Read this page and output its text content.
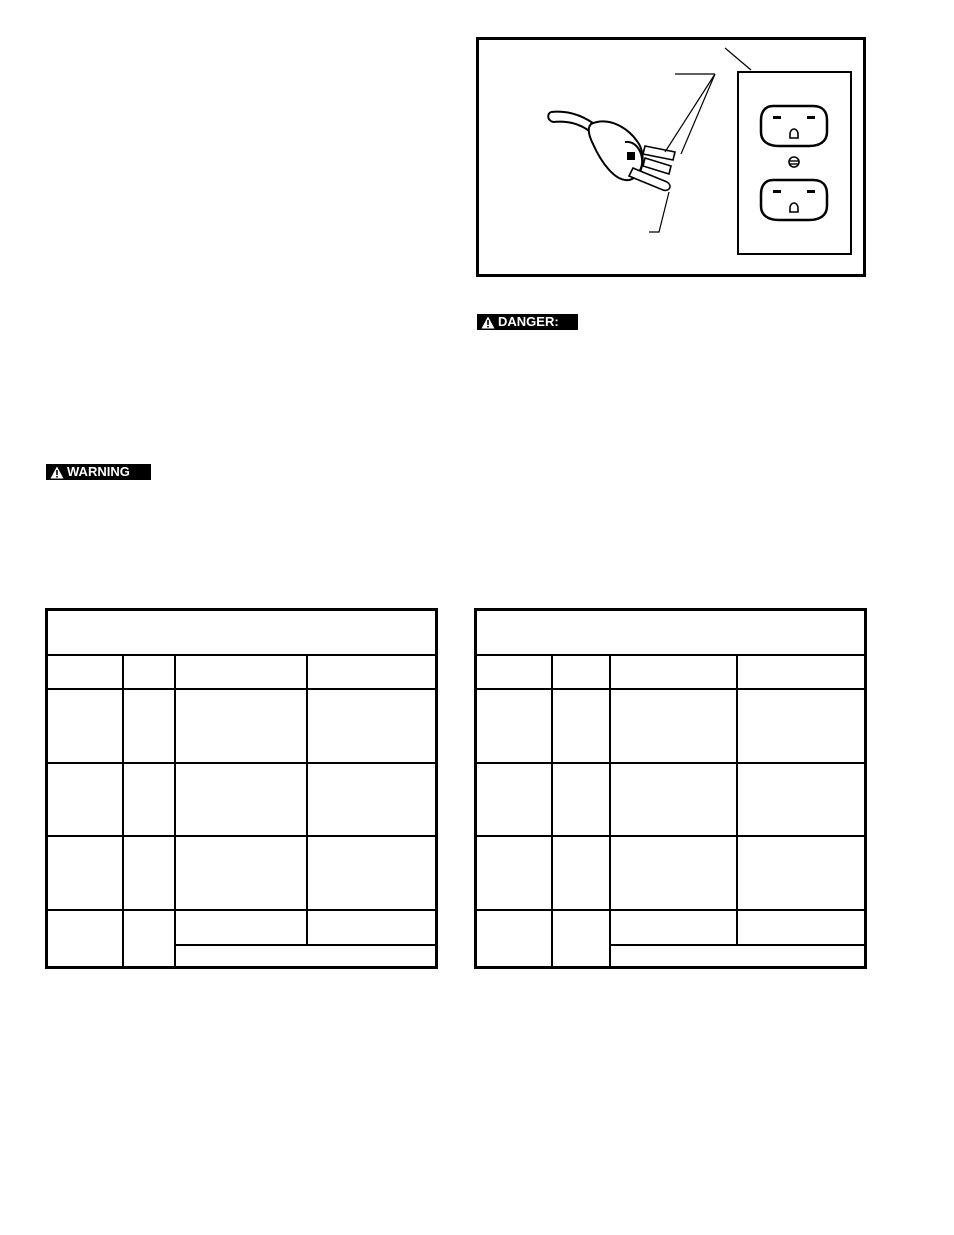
DANGER:
WARNING
